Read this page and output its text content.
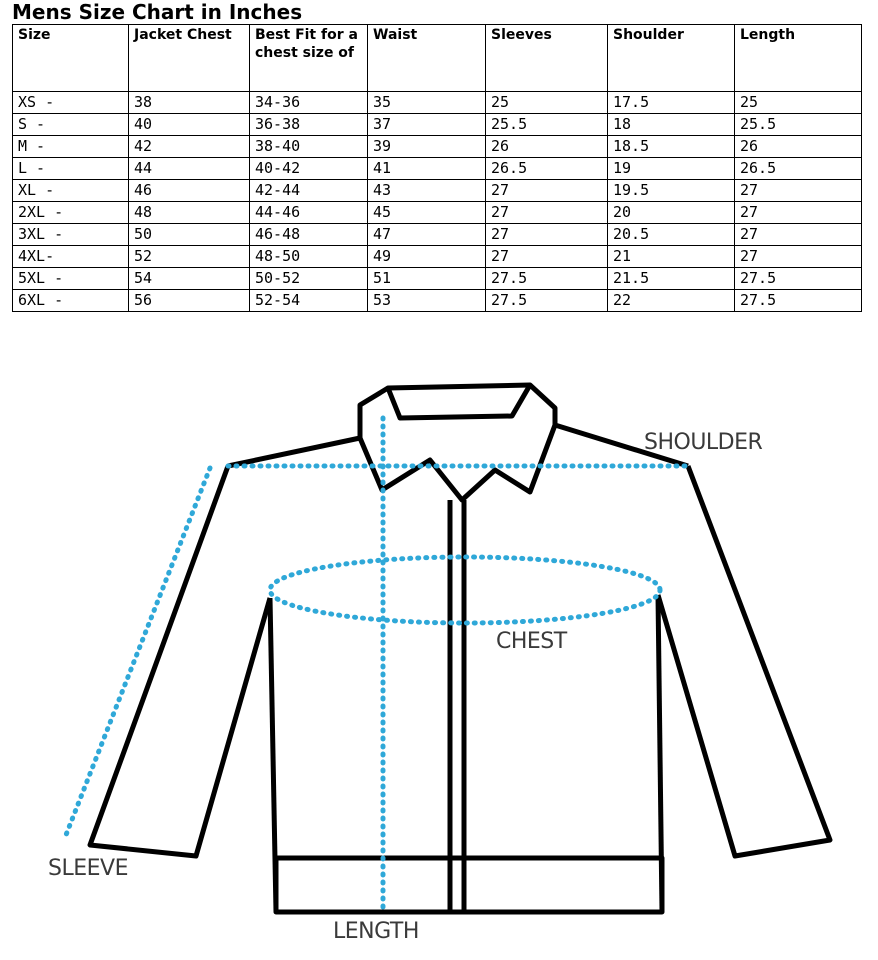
Mens Size Chart in Inches
Size	Jacket Chest	Best Fit for a chest size of	Waist	Sleeves	Shoulder	Length
XS -	38	34-36	35	25	17.5	25
S -	40	36-38	37	25.5	18	25.5
M -	42	38-40	39	26	18.5	26
L -	44	40-42	41	26.5	19	26.5
XL -	46	42-44	43	27	19.5	27
2XL -	48	44-46	45	27	20	27
3XL -	50	46-48	47	27	20.5	27
4XL-	52	48-50	49	27	21	27
5XL -	54	50-52	51	27.5	21.5	27.5
6XL -	56	52-54	53	27.5	22	27.5
SHOULDER
CHEST
SLEEVE
LENGTH
